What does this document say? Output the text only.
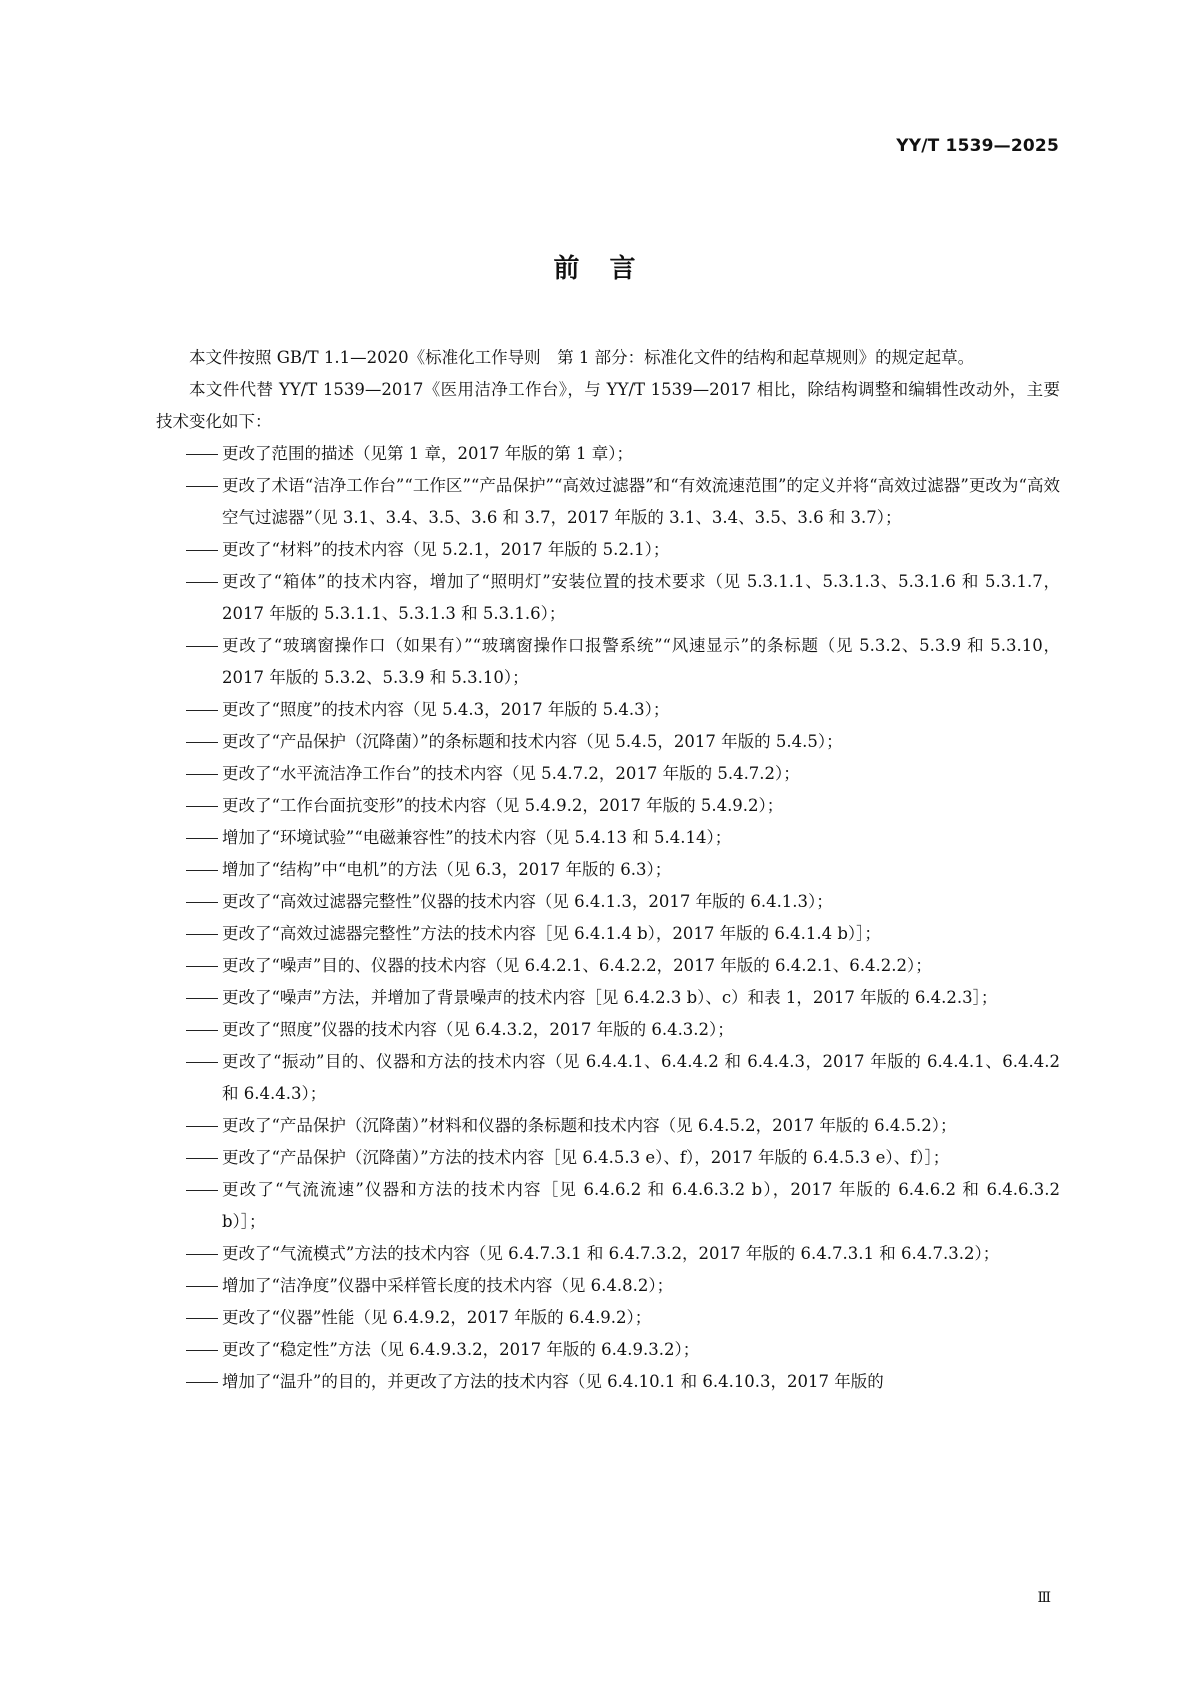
YY/T 1539—2025
前　言

本文件按照 GB/T 1.1—2020《标准化工作导则　第 1 部分：标准化文件的结构和起草规则》的规定起草。

本文件代替 YY/T 1539—2017《医用洁净工作台》，与 YY/T 1539—2017 相比，除结构调整和编辑性改动外，主要技术变化如下：

更改了范围的描述（见第 1 章，2017 年版的第 1 章）；

更改了术语“洁净工作台”“工作区”“产品保护”“高效过滤器”和“有效流速范围”的定义并将“高效过滤器”更改为“高效空气过滤器”（见 3.1、3.4、3.5、3.6 和 3.7，2017 年版的 3.1、3.4、3.5、3.6 和 3.7）；

更改了“材料”的技术内容（见 5.2.1，2017 年版的 5.2.1）；

更改了“箱体”的技术内容，增加了“照明灯”安装位置的技术要求（见 5.3.1.1、5.3.1.3、5.3.1.6 和 5.3.1.7，2017 年版的 5.3.1.1、5.3.1.3 和 5.3.1.6）；

更改了“玻璃窗操作口（如果有）”“玻璃窗操作口报警系统”“风速显示”的条标题（见 5.3.2、5.3.9 和 5.3.10，2017 年版的 5.3.2、5.3.9 和 5.3.10）；

更改了“照度”的技术内容（见 5.4.3，2017 年版的 5.4.3）；

更改了“产品保护（沉降菌）”的条标题和技术内容（见 5.4.5，2017 年版的 5.4.5）；

更改了“水平流洁净工作台”的技术内容（见 5.4.7.2，2017 年版的 5.4.7.2）；

更改了“工作台面抗变形”的技术内容（见 5.4.9.2，2017 年版的 5.4.9.2）；

增加了“环境试验”“电磁兼容性”的技术内容（见 5.4.13 和 5.4.14）；

增加了“结构”中“电机”的方法（见 6.3，2017 年版的 6.3）；

更改了“高效过滤器完整性”仪器的技术内容（见 6.4.1.3，2017 年版的 6.4.1.3）；

更改了“高效过滤器完整性”方法的技术内容［见 6.4.1.4 b），2017 年版的 6.4.1.4 b）］；

更改了“噪声”目的、仪器的技术内容（见 6.4.2.1、6.4.2.2，2017 年版的 6.4.2.1、6.4.2.2）；

更改了“噪声”方法，并增加了背景噪声的技术内容［见 6.4.2.3 b）、c）和表 1，2017 年版的 6.4.2.3］；

更改了“照度”仪器的技术内容（见 6.4.3.2，2017 年版的 6.4.3.2）；

更改了“振动”目的、仪器和方法的技术内容（见 6.4.4.1、6.4.4.2 和 6.4.4.3，2017 年版的 6.4.4.1、6.4.4.2 和 6.4.4.3）；

更改了“产品保护（沉降菌）”材料和仪器的条标题和技术内容（见 6.4.5.2，2017 年版的 6.4.5.2）；

更改了“产品保护（沉降菌）”方法的技术内容［见 6.4.5.3 e）、f），2017 年版的 6.4.5.3 e）、f）］；

更改了“气流流速”仪器和方法的技术内容［见 6.4.6.2 和 6.4.6.3.2 b），2017 年版的 6.4.6.2 和 6.4.6.3.2 b）］；

更改了“气流模式”方法的技术内容（见 6.4.7.3.1 和 6.4.7.3.2，2017 年版的 6.4.7.3.1 和 6.4.7.3.2）；

增加了“洁净度”仪器中采样管长度的技术内容（见 6.4.8.2）；

更改了“仪器”性能（见 6.4.9.2，2017 年版的 6.4.9.2）；

更改了“稳定性”方法（见 6.4.9.3.2，2017 年版的 6.4.9.3.2）；

增加了“温升”的目的，并更改了方法的技术内容（见 6.4.10.1 和 6.4.10.3，2017 年版的

Ⅲ
